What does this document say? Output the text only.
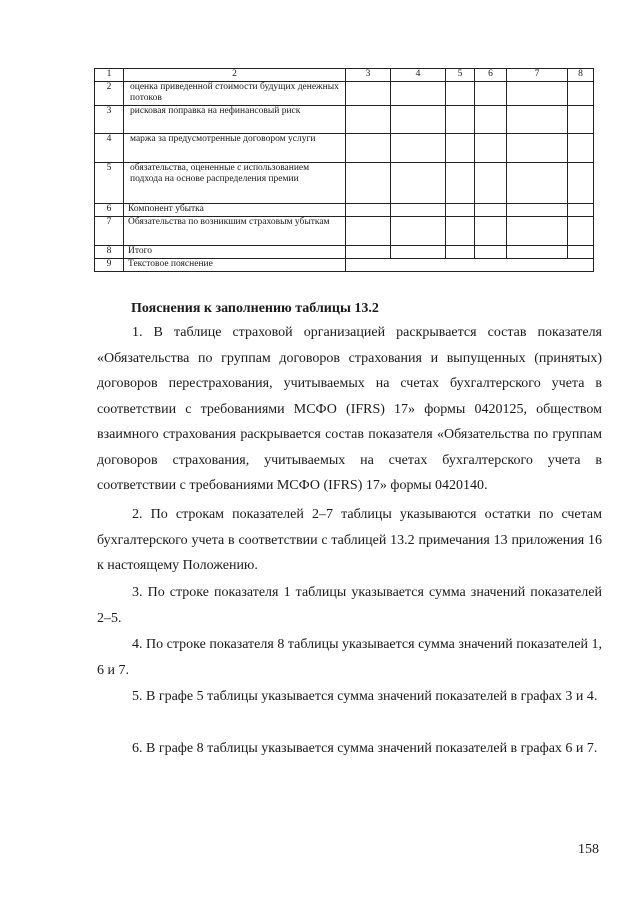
1	2	3	4	5	6	7	8
2	оценка приведенной стоимости будущих денежных потоков						
3	рисковая поправка на нефинансовый риск						
4	маржа за предусмотренные договором услуги						
5	обязательства, оцененные с использованием подхода на основе распределения премии						
6	Компонент убытка						
7	Обязательства по возникшим страховым убыткам						
8	Итого						
9	Текстовое пояснение						
Пояснения к заполнению таблицы 13.2

1. В таблице страховой организацией раскрывается состав показателя «Обязательства по группам договоров страхования и выпущенных (принятых) договоров перестрахования, учитываемых на счетах бухгалтерского учета в соответствии с требованиями МСФО (IFRS) 17» формы 0420125, обществом взаимного страхования раскрывается состав показателя «Обязательства по группам договоров страхования, учитываемых на счетах бухгалтерского учета в соответствии с требованиями МСФО (IFRS) 17» формы 0420140.

2. По строкам показателей 2–7 таблицы указываются остатки по счетам бухгалтерского учета в соответствии с таблицей 13.2 примечания 13 приложения 16 к настоящему Положению.

3. По строке показателя 1 таблицы указывается сумма значений показателей 2–5.

4. По строке показателя 8 таблицы указывается сумма значений показателей 1, 6 и 7.

5. В графе 5 таблицы указывается сумма значений показателей в графах 3 и 4.

6. В графе 8 таблицы указывается сумма значений показателей в графах 6 и 7.

158
